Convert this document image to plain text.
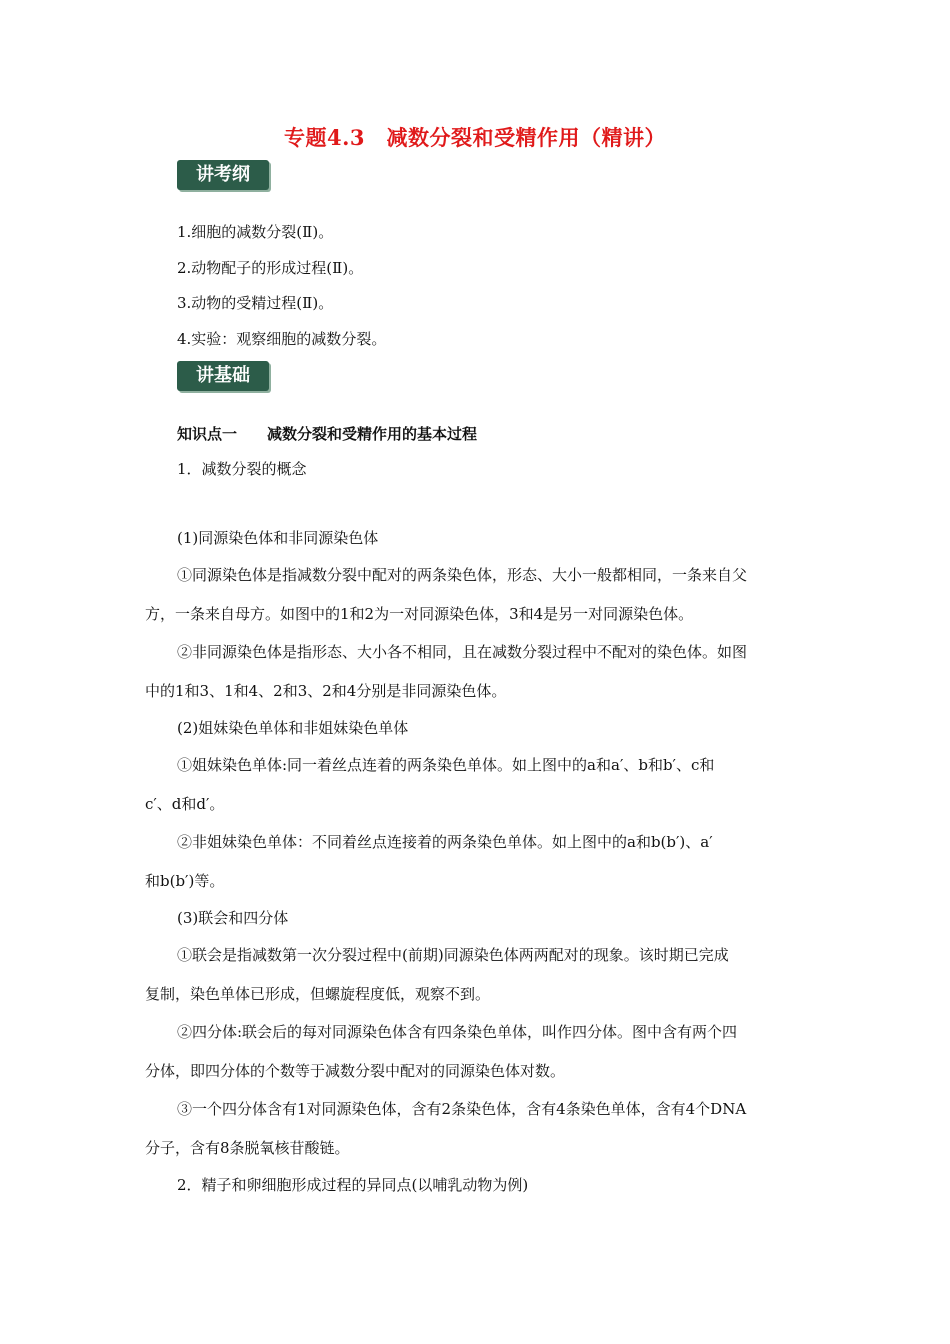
专题4.3　减数分裂和受精作用（精讲）
讲考纲
1.细胞的减数分裂(Ⅱ)。
2.动物配子的形成过程(Ⅱ)。
3.动物的受精过程(Ⅱ)。
4.实验：观察细胞的减数分裂。
讲基础
知识点一　　减数分裂和受精作用的基本过程
1．减数分裂的概念
(1)同源染色体和非同源染色体
①同源染色体是指减数分裂中配对的两条染色体，形态、大小一般都相同，一条来自父
方，一条来自母方。如图中的1和2为一对同源染色体，3和4是另一对同源染色体。
②非同源染色体是指形态、大小各不相同，且在减数分裂过程中不配对的染色体。如图
中的1和3、1和4、2和3、2和4分别是非同源染色体。
(2)姐妹染色单体和非姐妹染色单体
①姐妹染色单体:同一着丝点连着的两条染色单体。如上图中的a和a′、b和b′、c和
c′、d和d′。
②非姐妹染色单体：不同着丝点连接着的两条染色单体。如上图中的a和b(b′)、a′
和b(b′)等。
(3)联会和四分体
①联会是指减数第一次分裂过程中(前期)同源染色体两两配对的现象。该时期已完成
复制，染色单体已形成，但螺旋程度低，观察不到。
②四分体:联会后的每对同源染色体含有四条染色单体，叫作四分体。图中含有两个四
分体，即四分体的个数等于减数分裂中配对的同源染色体对数。
③一个四分体含有1对同源染色体，含有2条染色体，含有4条染色单体，含有4个DNA
分子，含有8条脱氧核苷酸链。
2．精子和卵细胞形成过程的异同点(以哺乳动物为例)
